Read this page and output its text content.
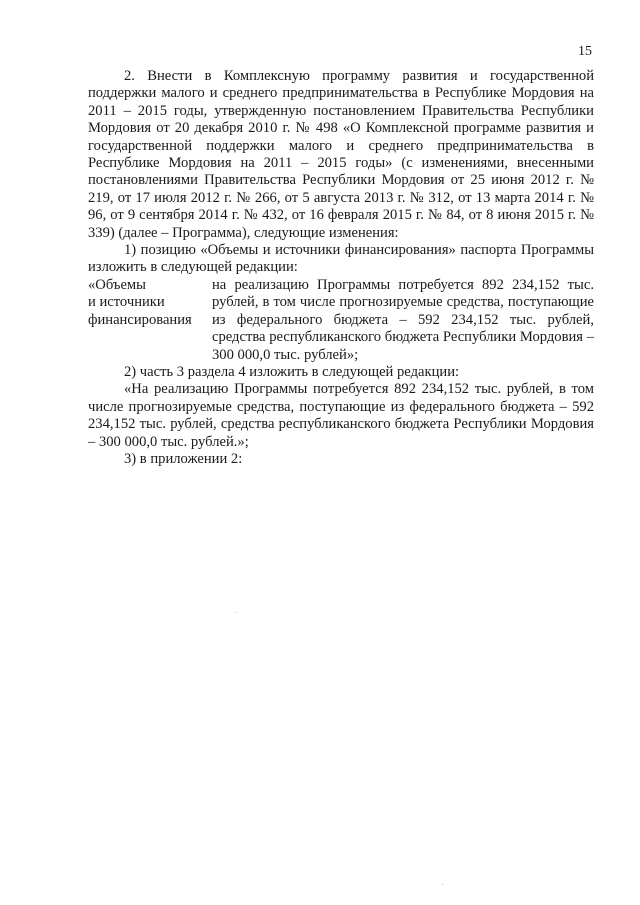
15

2. Внести в Комплексную программу развития и государственной поддержки малого и среднего предпринимательства в Республике Мордовия на 2011 – 2015 годы, утвержденную постановлением Правительства Республики Мордовия от 20 декабря 2010 г. № 498 «О Комплексной программе развития и государственной поддержки малого и среднего предпринимательства в Республике Мордовия на 2011 – 2015 годы» (с изменениями, внесенными постановлениями Правительства Республики Мордовия от 25 июня 2012 г. № 219, от 17 июля 2012 г. № 266, от 5 августа 2013 г. № 312, от 13 марта 2014 г. № 96, от 9 сентября 2014 г. № 432, от 16 февраля 2015 г. № 84, от 8 июня 2015 г. № 339) (далее – Программа), следующие изменения:

1) позицию «Объемы и источники финансирования» паспорта Программы изложить в следующей редакции:

«Объемы
и источники
финансирования
на реализацию Программы потребуется 892 234,152 тыс. рублей, в том числе прогнозируемые средства, поступающие из федерального бюджета – 592 234,152 тыс. рублей, средства республиканского бюджета Республики Мордовия – 300 000,0 тыс. рублей»;

2) часть 3 раздела 4 изложить в следующей редакции:

«На реализацию Программы потребуется 892 234,152 тыс. рублей, в том числе прогнозируемые средства, поступающие из федерального бюджета – 592 234,152 тыс. рублей, средства республиканского бюджета Республики Мордовия – 300 000,0 тыс. рублей.»;

3) в приложении 2:
